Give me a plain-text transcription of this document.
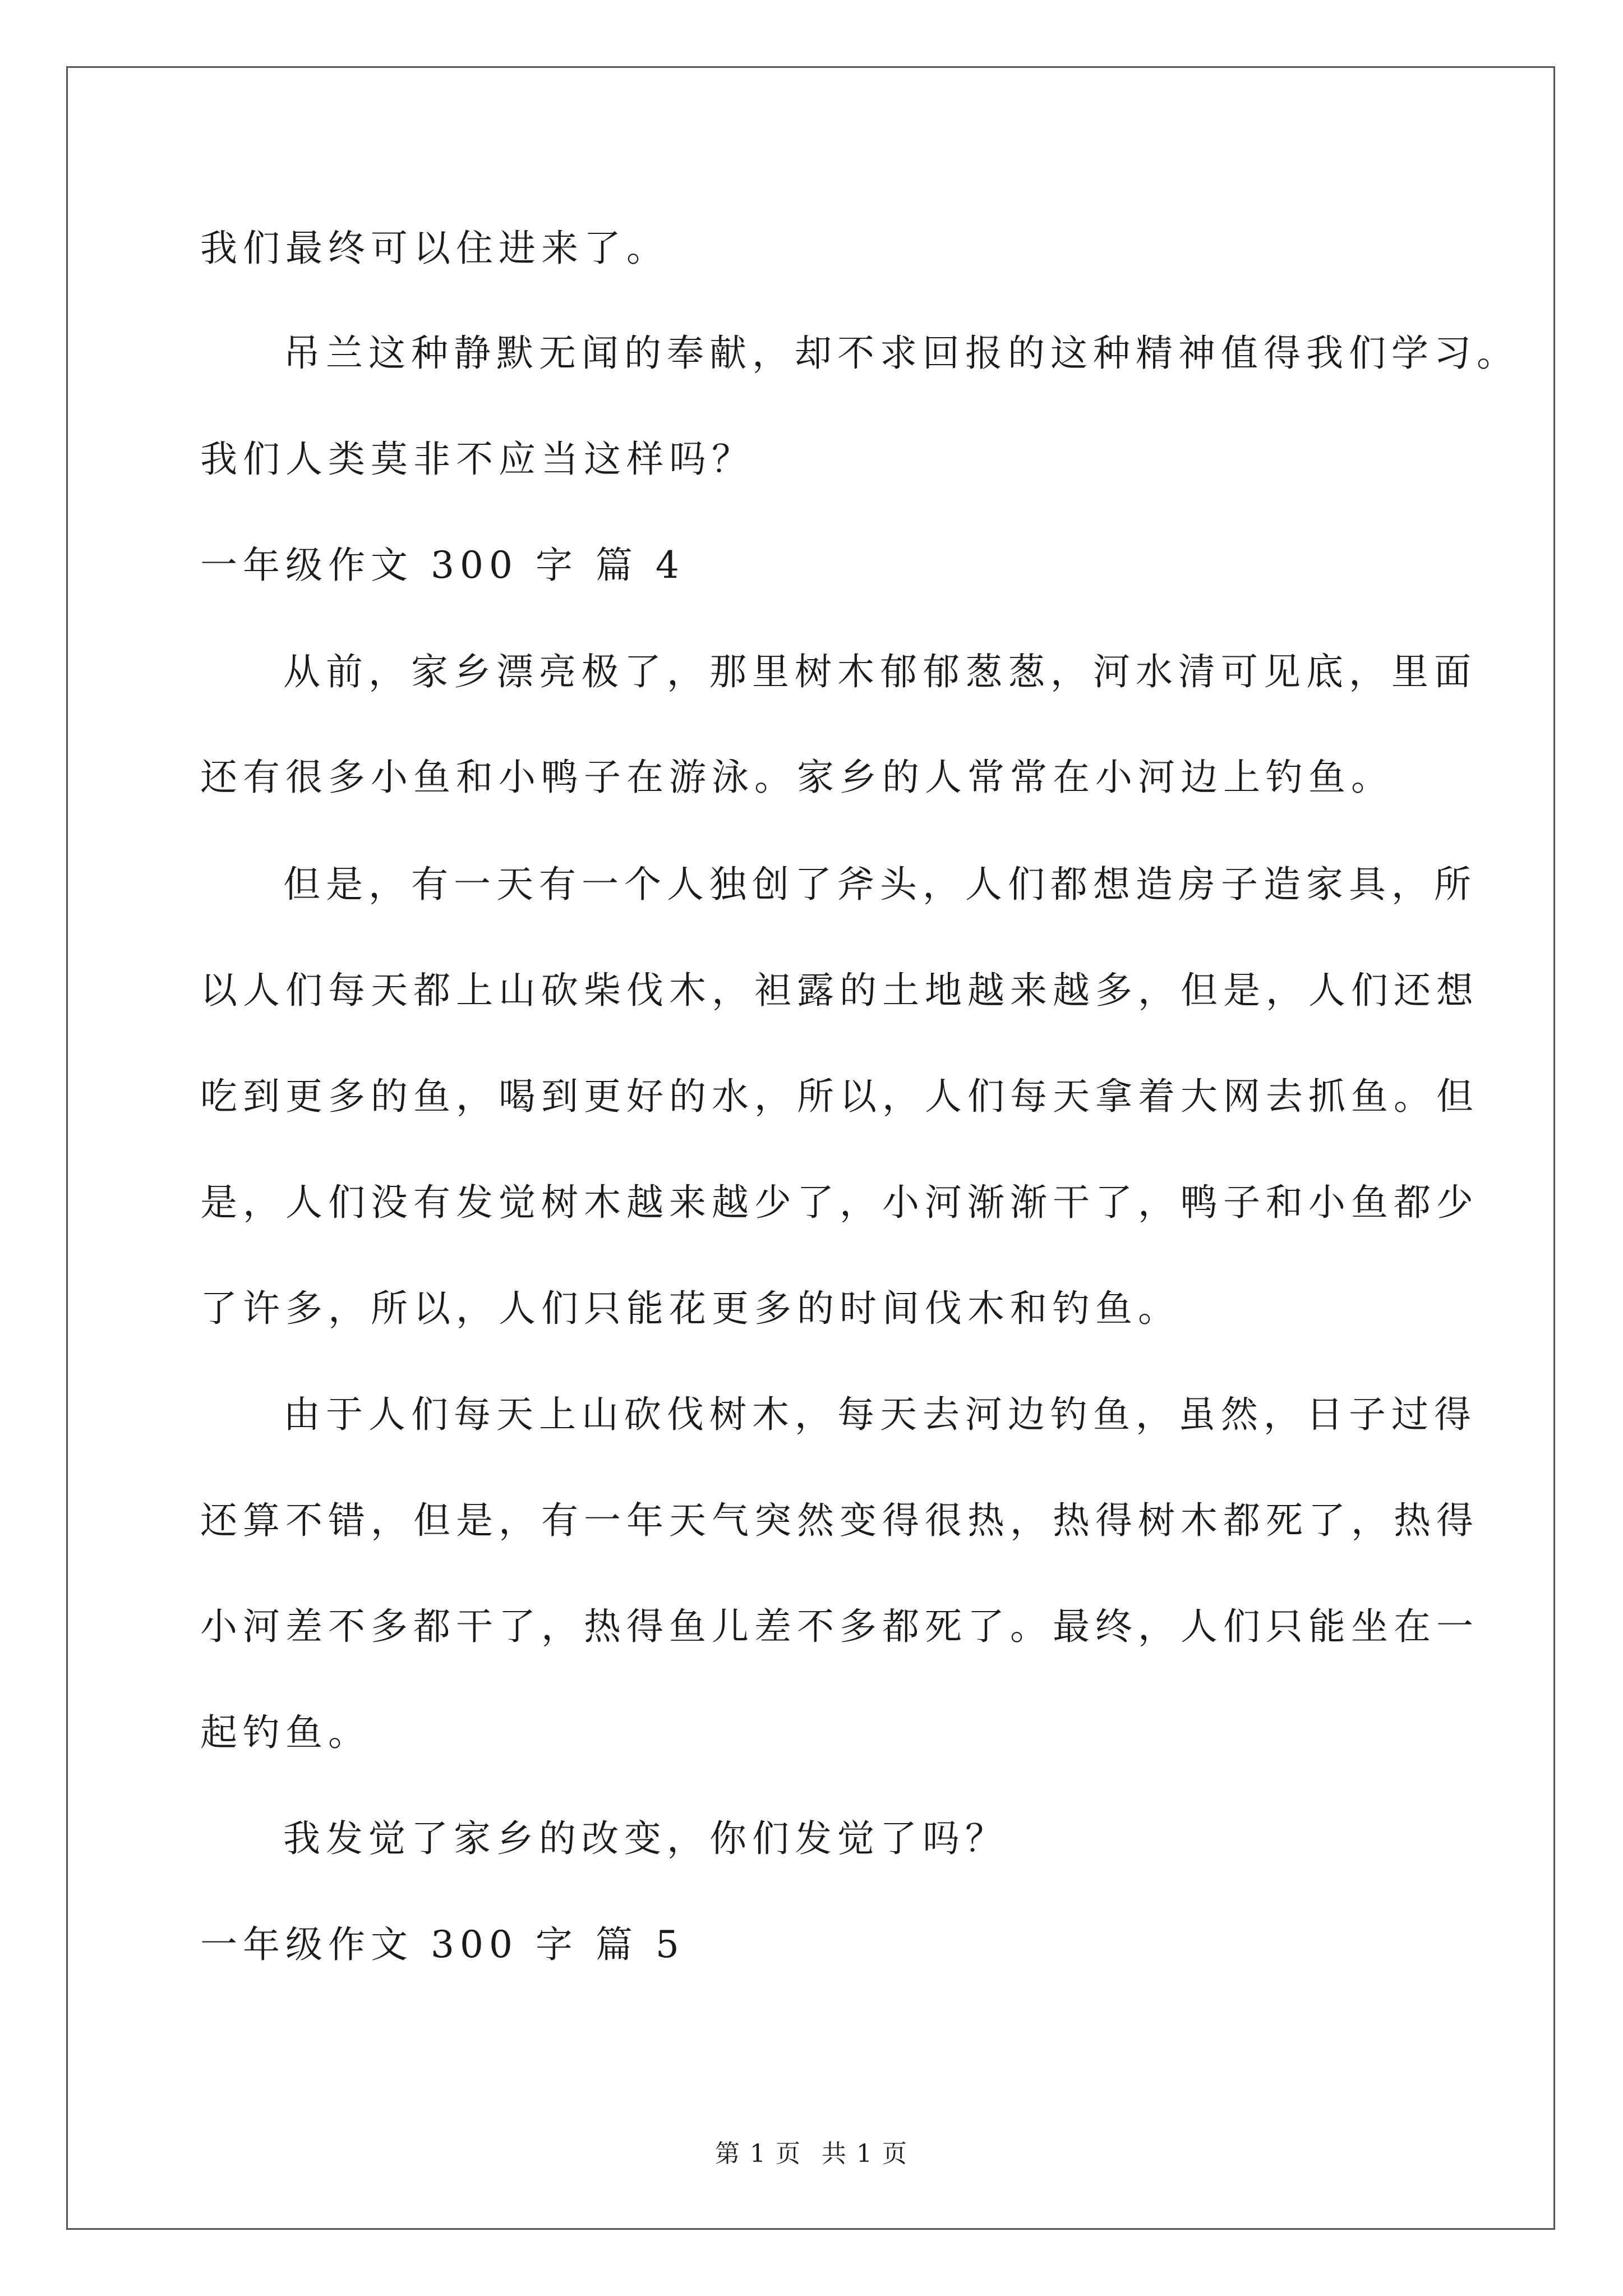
我们最终可以住进来了。
吊兰这种静默无闻的奉献，却不求回报的这种精神值得我们学习。
我们人类莫非不应当这样吗？
一年级作文 300 字 篇 4
从前，家乡漂亮极了，那里树木郁郁葱葱，河水清可见底，里面
还有很多小鱼和小鸭子在游泳。家乡的人常常在小河边上钓鱼。
但是，有一天有一个人独创了斧头，人们都想造房子造家具，所
以人们每天都上山砍柴伐木，袒露的土地越来越多，但是，人们还想
吃到更多的鱼，喝到更好的水，所以，人们每天拿着大网去抓鱼。但
是，人们没有发觉树木越来越少了，小河渐渐干了，鸭子和小鱼都少
了许多，所以，人们只能花更多的时间伐木和钓鱼。
由于人们每天上山砍伐树木，每天去河边钓鱼，虽然，日子过得
还算不错，但是，有一年天气突然变得很热，热得树木都死了，热得
小河差不多都干了，热得鱼儿差不多都死了。最终，人们只能坐在一
起钓鱼。
我发觉了家乡的改变，你们发觉了吗？
一年级作文 300 字 篇 5
第 1 页 共 1 页
